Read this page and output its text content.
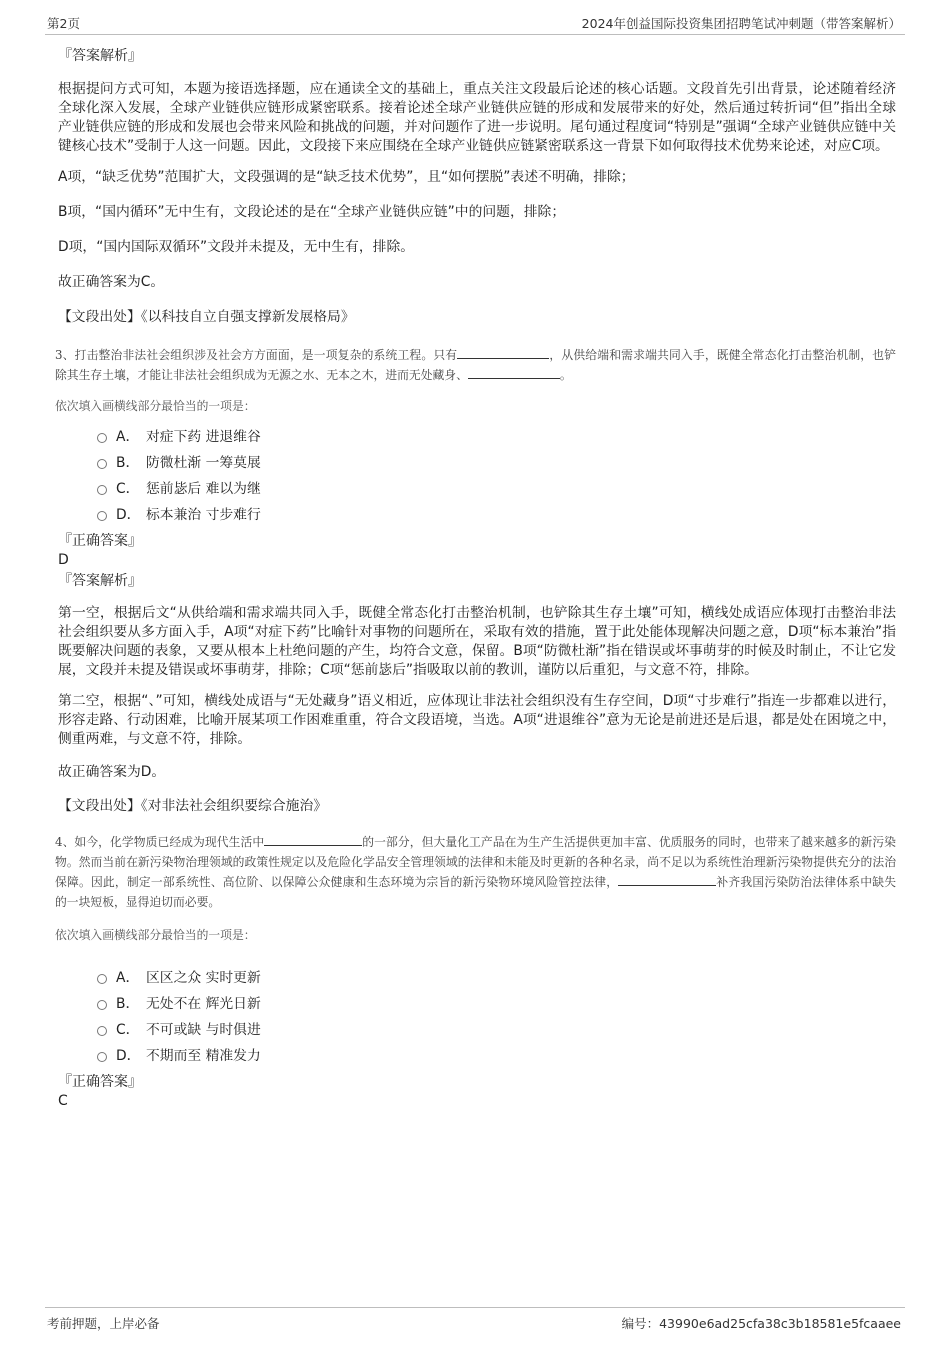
第2页	2024年创益国际投资集团招聘笔试冲刺题（带答案解析）

『答案解析』

根据提问方式可知，本题为接语选择题，应在通读全文的基础上，重点关注文段最后论述的核心话题。文段首先引出背景，论述随着经济全球化深入发展，全球产业链供应链形成紧密联系。接着论述全球产业链供应链的形成和发展带来的好处，然后通过转折词“但”指出全球产业链供应链的形成和发展也会带来风险和挑战的问题，并对问题作了进一步说明。尾句通过程度词“特别是”强调“全球产业链供应链中关键核心技术”受制于人这一问题。因此，文段接下来应围绕在全球产业链供应链紧密联系这一背景下如何取得技术优势来论述，对应C项。

A项，“缺乏优势”范围扩大，文段强调的是“缺乏技术优势”，且“如何摆脱”表述不明确，排除；

B项，“国内循环”无中生有，文段论述的是在“全球产业链供应链”中的问题，排除；

D项，“国内国际双循环”文段并未提及，无中生有，排除。

故正确答案为C。

【文段出处】《以科技自立自强支撑新发展格局》

3、打击整治非法社会组织涉及社会方方面面，是一项复杂的系统工程。只有	，从供给端和需求端共同入手，既健全常态化打击整治机制，也铲除其生存土壤，才能让非法社会组织成为无源之水、无本之木，进而无处藏身、	。

依次填入画横线部分最恰当的一项是：

A． 对症下药 进退维谷
B． 防微杜渐 一筹莫展
C． 惩前毖后 难以为继
D． 标本兼治 寸步难行

『正确答案』

D

『答案解析』

第一空，根据后文“从供给端和需求端共同入手，既健全常态化打击整治机制，也铲除其生存土壤”可知，横线处成语应体现打击整治非法社会组织要从多方面入手，A项“对症下药”比喻针对事物的问题所在，采取有效的措施，置于此处能体现解决问题之意，D项“标本兼治”指既要解决问题的表象，又要从根本上杜绝问题的产生，均符合文意，保留。B项“防微杜渐”指在错误或坏事萌芽的时候及时制止，不让它发展，文段并未提及错误或坏事萌芽，排除；C项“惩前毖后”指吸取以前的教训，谨防以后重犯，与文意不符，排除。

第二空，根据“、”可知，横线处成语与“无处藏身”语义相近，应体现让非法社会组织没有生存空间，D项“寸步难行”指连一步都难以进行，形容走路、行动困难，比喻开展某项工作困难重重，符合文段语境，当选。A项“进退维谷”意为无论是前进还是后退，都是处在困境之中，侧重两难，与文意不符，排除。

故正确答案为D。

【文段出处】《对非法社会组织要综合施治》

4、如今，化学物质已经成为现代生活中	的一部分，但大量化工产品在为生产生活提供更加丰富、优质服务的同时，也带来了越来越多的新污染物。然而当前在新污染物治理领域的政策性规定以及危险化学品安全管理领域的法律和未能及时更新的各种名录，尚不足以为系统性治理新污染物提供充分的法治保障。因此，制定一部系统性、高位阶、以保障公众健康和生态环境为宗旨的新污染物环境风险管控法律，	补齐我国污染防治法律体系中缺失的一块短板，显得迫切而必要。

依次填入画横线部分最恰当的一项是：

A． 区区之众 实时更新
B． 无处不在 辉光日新
C． 不可或缺 与时俱进
D． 不期而至 精准发力

『正确答案』

C

考前押题，上岸必备	编号：43990e6ad25cfa38c3b18581e5fcaaee
